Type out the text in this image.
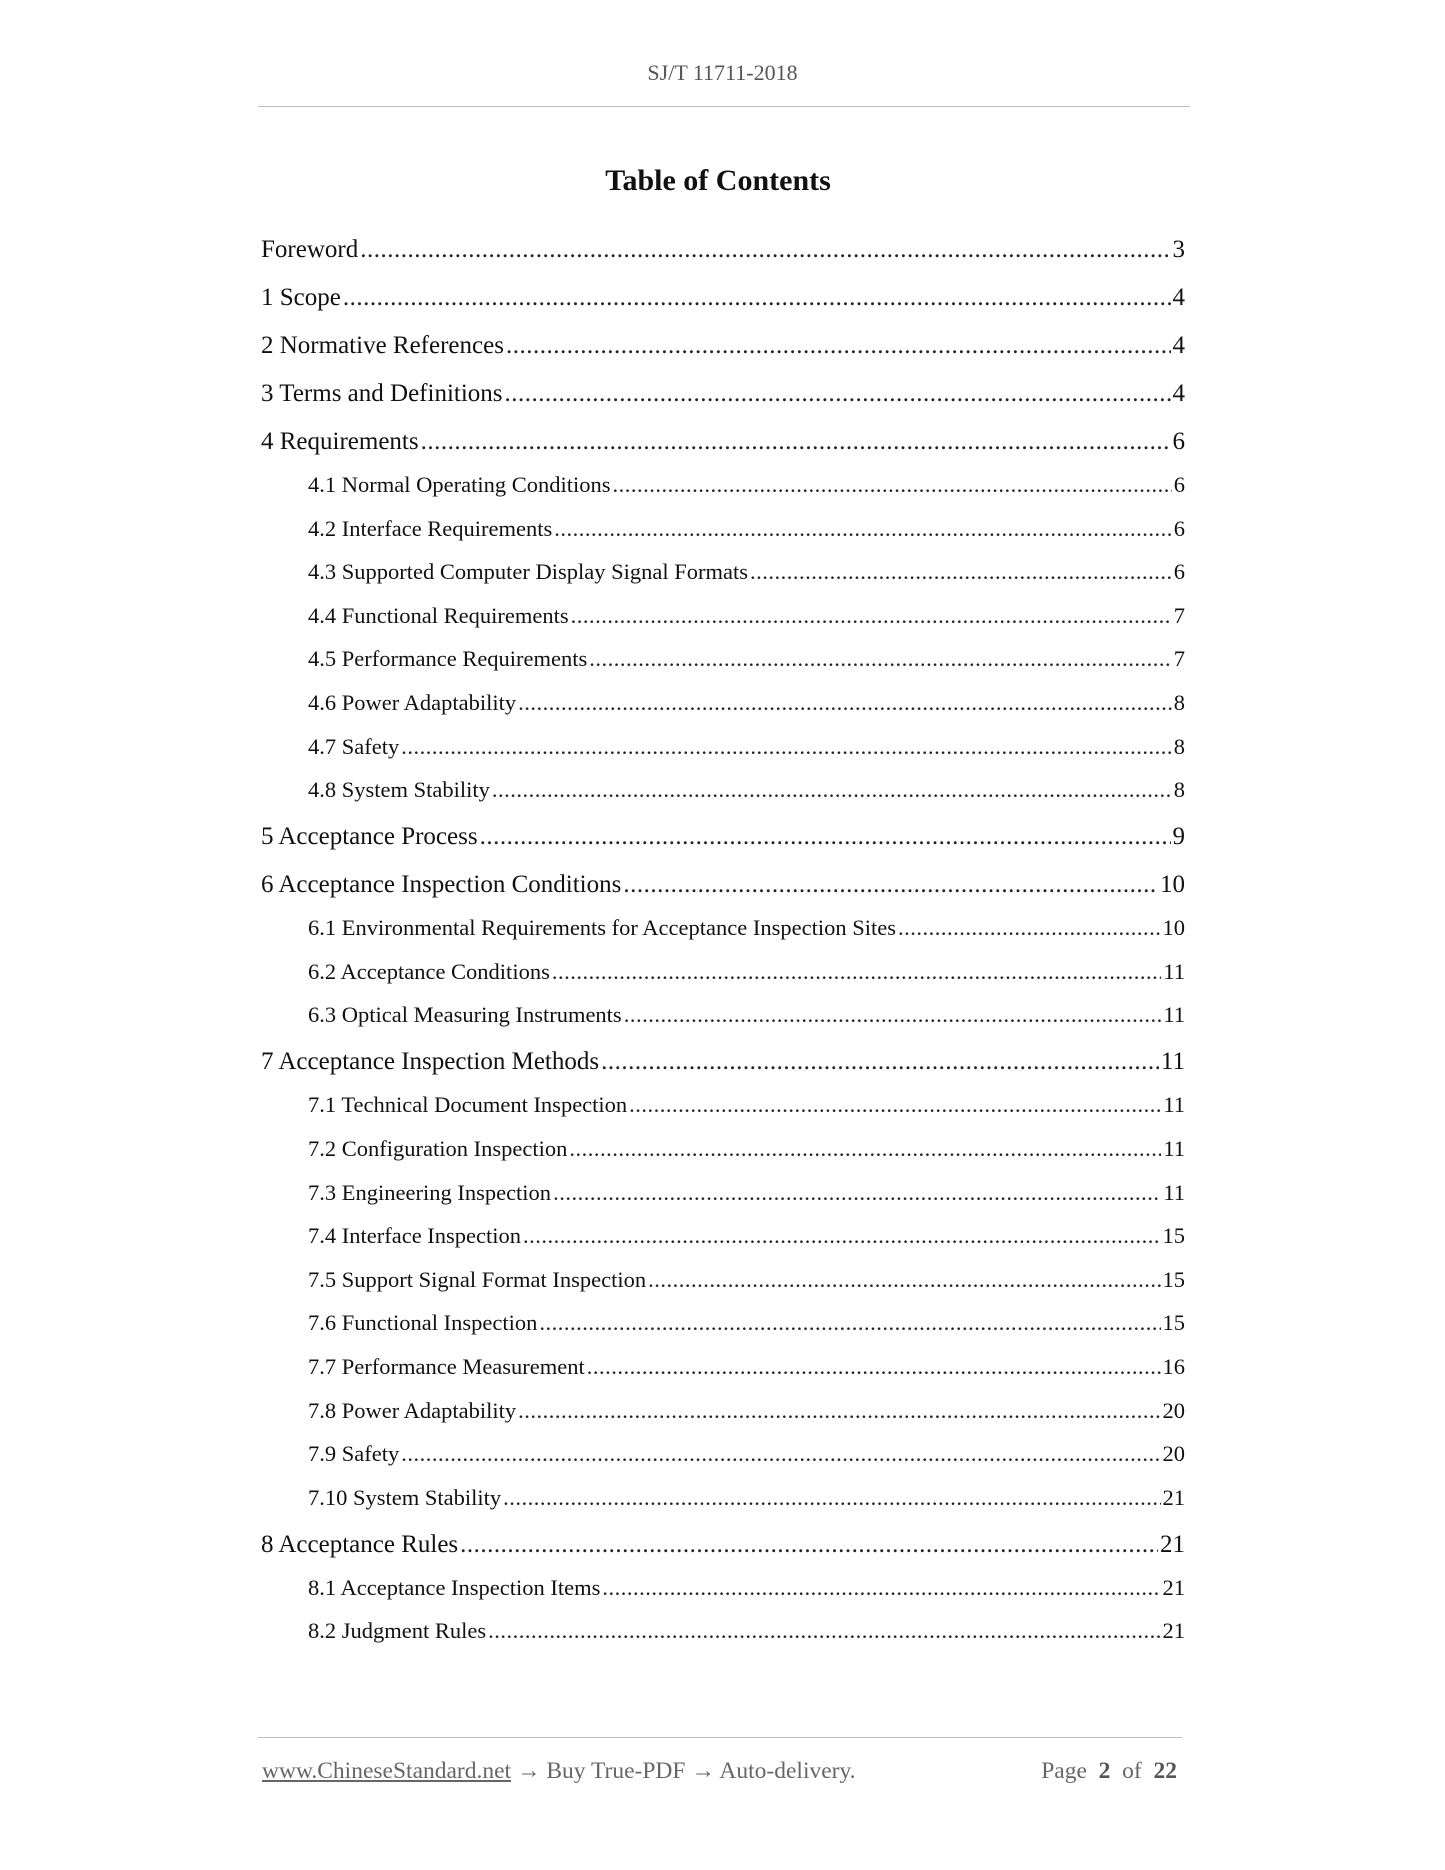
SJ/T 11711-2018
Table of Contents
Foreword .....	3
1 Scope .....	4
2 Normative References .....	4
3 Terms and Definitions .....	4
4 Requirements .....	6
4.1 Normal Operating Conditions .....	6
4.2 Interface Requirements .....	6
4.3 Supported Computer Display Signal Formats .....	6
4.4 Functional Requirements .....	7
4.5 Performance Requirements .....	7
4.6 Power Adaptability .....	8
4.7 Safety .....	8
4.8 System Stability .....	8
5 Acceptance Process .....	9
6 Acceptance Inspection Conditions .....	10
6.1 Environmental Requirements for Acceptance Inspection Sites .....	10
6.2 Acceptance Conditions .....	11
6.3 Optical Measuring Instruments .....	11
7 Acceptance Inspection Methods .....	11
7.1 Technical Document Inspection .....	11
7.2 Configuration Inspection .....	11
7.3 Engineering Inspection .....	11
7.4 Interface Inspection .....	15
7.5 Support Signal Format Inspection .....	15
7.6 Functional Inspection .....	15
7.7 Performance Measurement .....	16
7.8 Power Adaptability .....	20
7.9 Safety .....	20
7.10 System Stability .....	21
8 Acceptance Rules .....	21
8.1 Acceptance Inspection Items .....	21
8.2 Judgment Rules .....	21
www.ChineseStandard.net → Buy True-PDF → Auto-delivery.	Page 2 of 22
